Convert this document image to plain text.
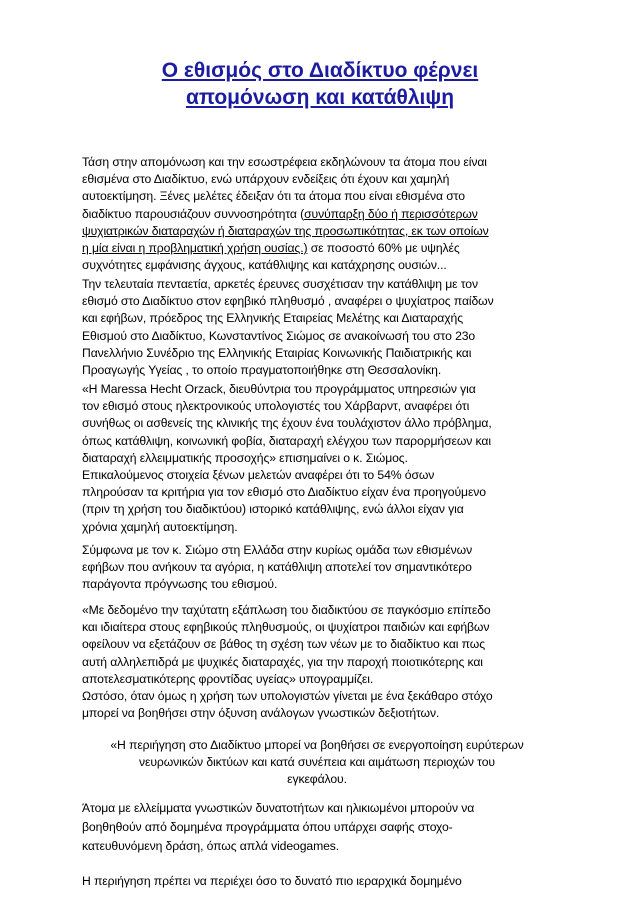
Ο εθισμός στο Διαδίκτυο φέρνει
απομόνωση και κατάθλιψη

Τάση στην απομόνωση και την εσωστρέφεια εκδηλώνουν τα άτομα που είναι
εθισμένα στο Διαδίκτυο, ενώ υπάρχουν ενδείξεις ότι έχουν και χαμηλή
αυτοεκτίμηση. Ξένες μελέτες έδειξαν ότι τα άτομα που είναι εθισμένα στο
διαδίκτυο παρουσιάζουν συννοσηρότητα (συνύπαρξη δύο ή περισσότερων
ψυχιατρικών διαταραχών ή διαταραχών της προσωπικότητας, εκ των οποίων
η μία είναι η προβληματική χρήση ουσίας.) σε ποσοστό 60% με υψηλές
συχνότητες εμφάνισης άγχους, κατάθλιψης και κατάχρησης ουσιών...

Την τελευταία πενταετία, αρκετές έρευνες συσχέτισαν την κατάθλιψη με τον
εθισμό στο Διαδίκτυο στον εφηβικό πληθυσμό , αναφέρει ο ψυχίατρος παίδων
και εφήβων, πρόεδρος της Ελληνικής Εταιρείας Μελέτης και Διαταραχής
Εθισμού στο Διαδίκτυο, Κωνσταντίνος Σιώμος σε ανακοίνωσή του στο 23ο
Πανελλήνιο Συνέδριο της Ελληνικής Εταιρίας Κοινωνικής Παιδιατρικής και
Προαγωγής Υγείας , το οποίο πραγματοποιήθηκε στη Θεσσαλονίκη.

«Η Maressa Hecht Orzack, διευθύντρια του προγράμματος υπηρεσιών για
τον εθισμό στους ηλεκτρονικούς υπολογιστές του Χάρβαρντ, αναφέρει ότι
συνήθως οι ασθενείς της κλινικής της έχουν ένα τουλάχιστον άλλο πρόβλημα,
όπως κατάθλιψη, κοινωνική φοβία, διαταραχή ελέγχου των παρορμήσεων και
διαταραχή ελλειμματικής προσοχής» επισημαίνει ο κ. Σιώμος.

Επικαλούμενος στοιχεία ξένων μελετών αναφέρει ότι το 54% όσων
πληρούσαν τα κριτήρια για τον εθισμό στο Διαδίκτυο είχαν ένα προηγούμενο
(πριν τη χρήση του διαδικτύου) ιστορικό κατάθλιψης, ενώ άλλοι είχαν για
χρόνια χαμηλή αυτοεκτίμηση.

Σύμφωνα με τον κ. Σιώμο στη Ελλάδα στην κυρίως ομάδα των εθισμένων
εφήβων που ανήκουν τα αγόρια, η κατάθλιψη αποτελεί τον σημαντικότερο
παράγοντα πρόγνωσης του εθισμού.

«Με δεδομένο την ταχύτατη εξάπλωση του διαδικτύου σε παγκόσμιο επίπεδο
και ιδιαίτερα στους εφηβικούς πληθυσμούς, οι ψυχίατροι παιδιών και εφήβων
οφείλουν να εξετάζουν σε βάθος τη σχέση των νέων με το διαδίκτυο και πως
αυτή αλληλεπιδρά με ψυχικές διαταραχές, για την παροχή ποιοτικότερης και
αποτελεσματικότερης φροντίδας υγείας» υπογραμμίζει.

Ωστόσο, όταν όμως η χρήση των υπολογιστών γίνεται με ένα ξεκάθαρο στόχο
μπορεί να βοηθήσει στην όξυνση ανάλογων γνωστικών δεξιοτήτων.

«Η περιήγηση στο Διαδίκτυο μπορεί να βοηθήσει σε ενεργοποίηση ευρύτερων
νευρωνικών δικτύων και κατά συνέπεια και αιμάτωση περιοχών του
εγκεφάλου.

Άτομα με ελλείμματα γνωστικών δυνατοτήτων και ηλικιωμένοι μπορούν να
βοηθηθούν από δομημένα προγράμματα όπου υπάρχει σαφής στοχο-
κατευθυνόμενη δράση, όπως απλά videogames.

Η περιήγηση πρέπει να περιέχει όσο το δυνατό πιο ιεραρχικά δομημένο
